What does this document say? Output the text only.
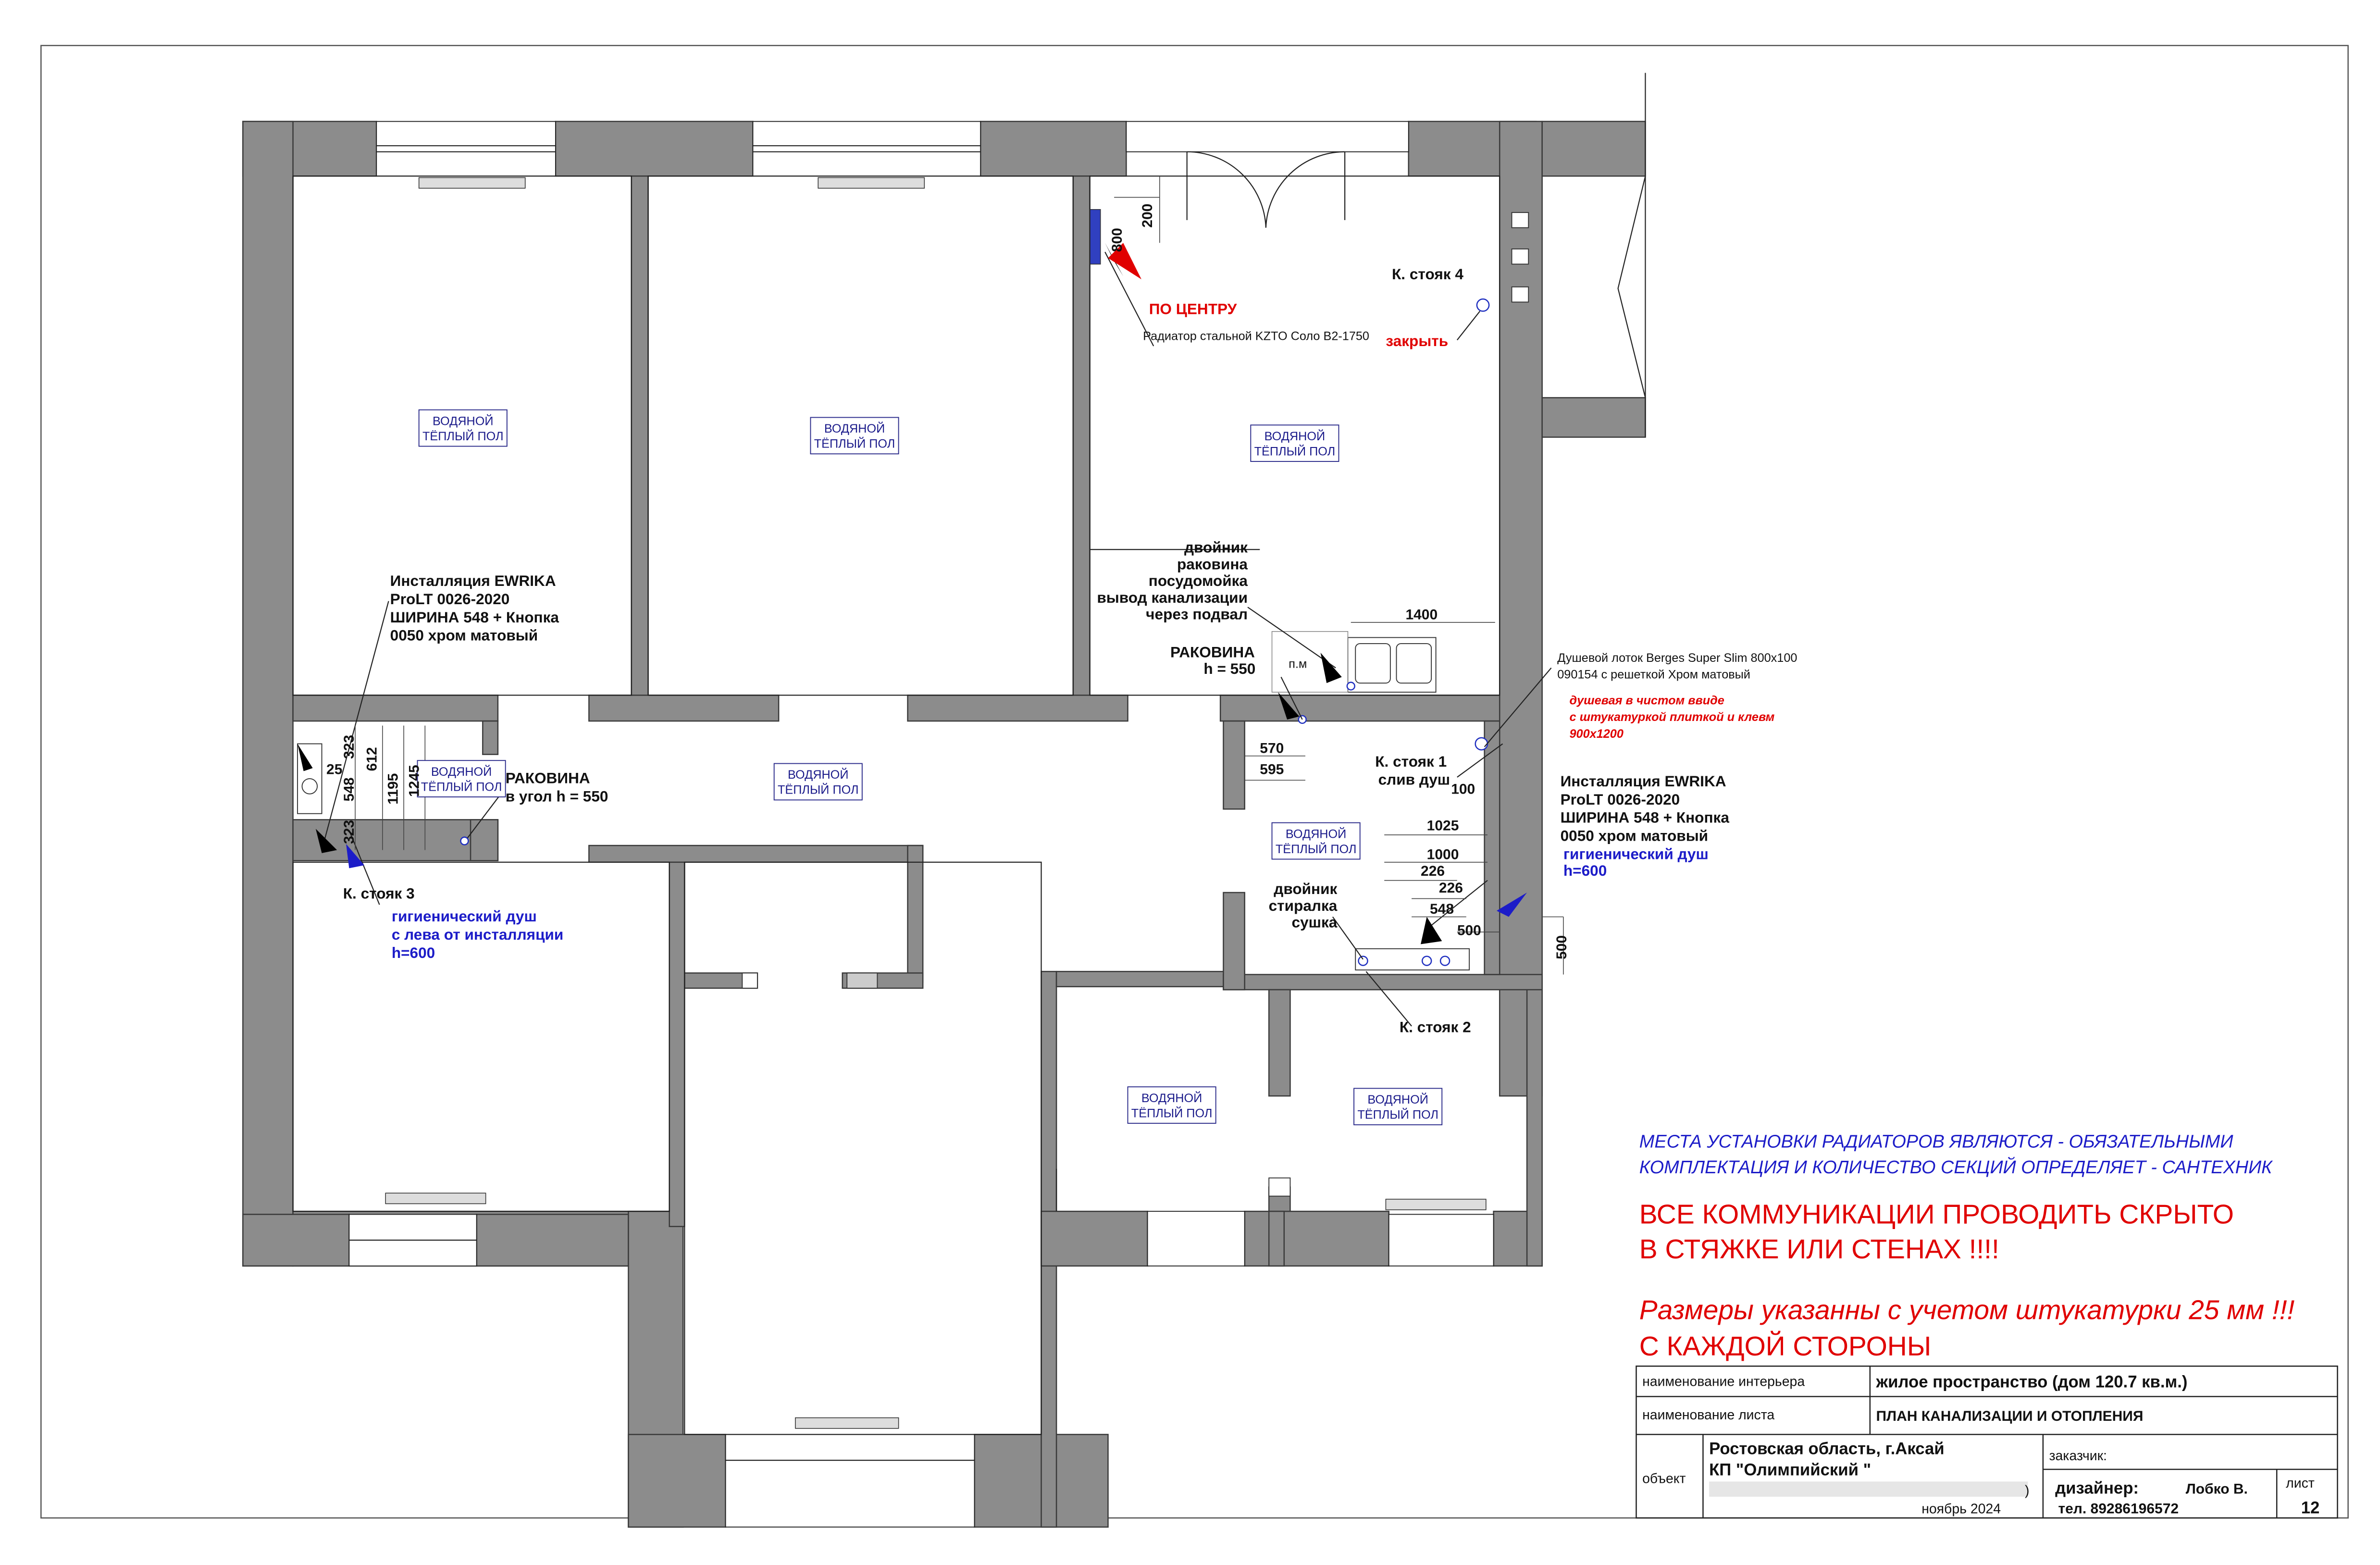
ВОДЯНОЙ
ТЁПЛЫЙ ПОЛ
ВОДЯНОЙ
ТЁПЛЫЙ ПОЛ
ВОДЯНОЙ
ТЁПЛЫЙ ПОЛ
ВОДЯНОЙ
ТЁПЛЫЙ ПОЛ
ВОДЯНОЙ
ТЁПЛЫЙ ПОЛ
ВОДЯНОЙ
ТЁПЛЫЙ ПОЛ
ВОДЯНОЙ
ТЁПЛЫЙ ПОЛ
ВОДЯНОЙ
ТЁПЛЫЙ ПОЛ
ПО ЦЕНТРУ
Радиатор стальной KZTO Соло В2-1750
К. стояк 4
закрыть
двойник
раковина
посудомойка
вывод канализации
через подвал
РАКОВИНА
h = 550	п.м	Душевой лоток Berges Super Slim 800x100
090154 с решеткой Хром матовый
душевая в чистом ввиде
с штукатуркой плиткой и клевм
900х1200
Инсталляция EWRIKA
ProLT 0026-2020
ШИРИНА 548 + Кнопка
0050 хром матовый
РАКОВИНА
в угол h = 550
К. стояк 3
гигиенический душ
с лева от инсталляции
h=600
К. стояк 1
слив душ	Инсталляция EWRIKA
ProLT 0026-2020
ШИРИНА 548 + Кнопка
0050 хром матовый
гигиенический душ
h=600
двойник
стиралка
сушка
К. стояк 2
800
200
1400
570
595
100
1025
1000
226
226
548
500
500
25
548
323
323
612
1195 1245
МЕСТА УСТАНОВКИ РАДИАТОРОВ ЯВЛЯЮТСЯ - ОБЯЗАТЕЛЬНЫМИ
КОМПЛЕКТАЦИЯ И КОЛИЧЕСТВО СЕКЦИЙ ОПРЕДЕЛЯЕТ - САНТЕХНИК
ВСЕ КОММУНИКАЦИИ ПРОВОДИТЬ СКРЫТО
В СТЯЖКЕ ИЛИ СТЕНАХ !!!!
Размеры указанны с учетом штукатурки 25 мм !!!
С КАЖДОЙ СТОРОНЫ
наименование интерьера	жилое пространство (дом 120.7 кв.м.)
наименование листа	ПЛАН КАНАЛИЗАЦИИ И ОТОПЛЕНИЯ
объект
Ростовская область, г.Аксай
КП "Олимпийский "
)
ноябрь 2024
заказчик:
дизайнер:	Лобко В.
тел. 89286196572
лист
12
